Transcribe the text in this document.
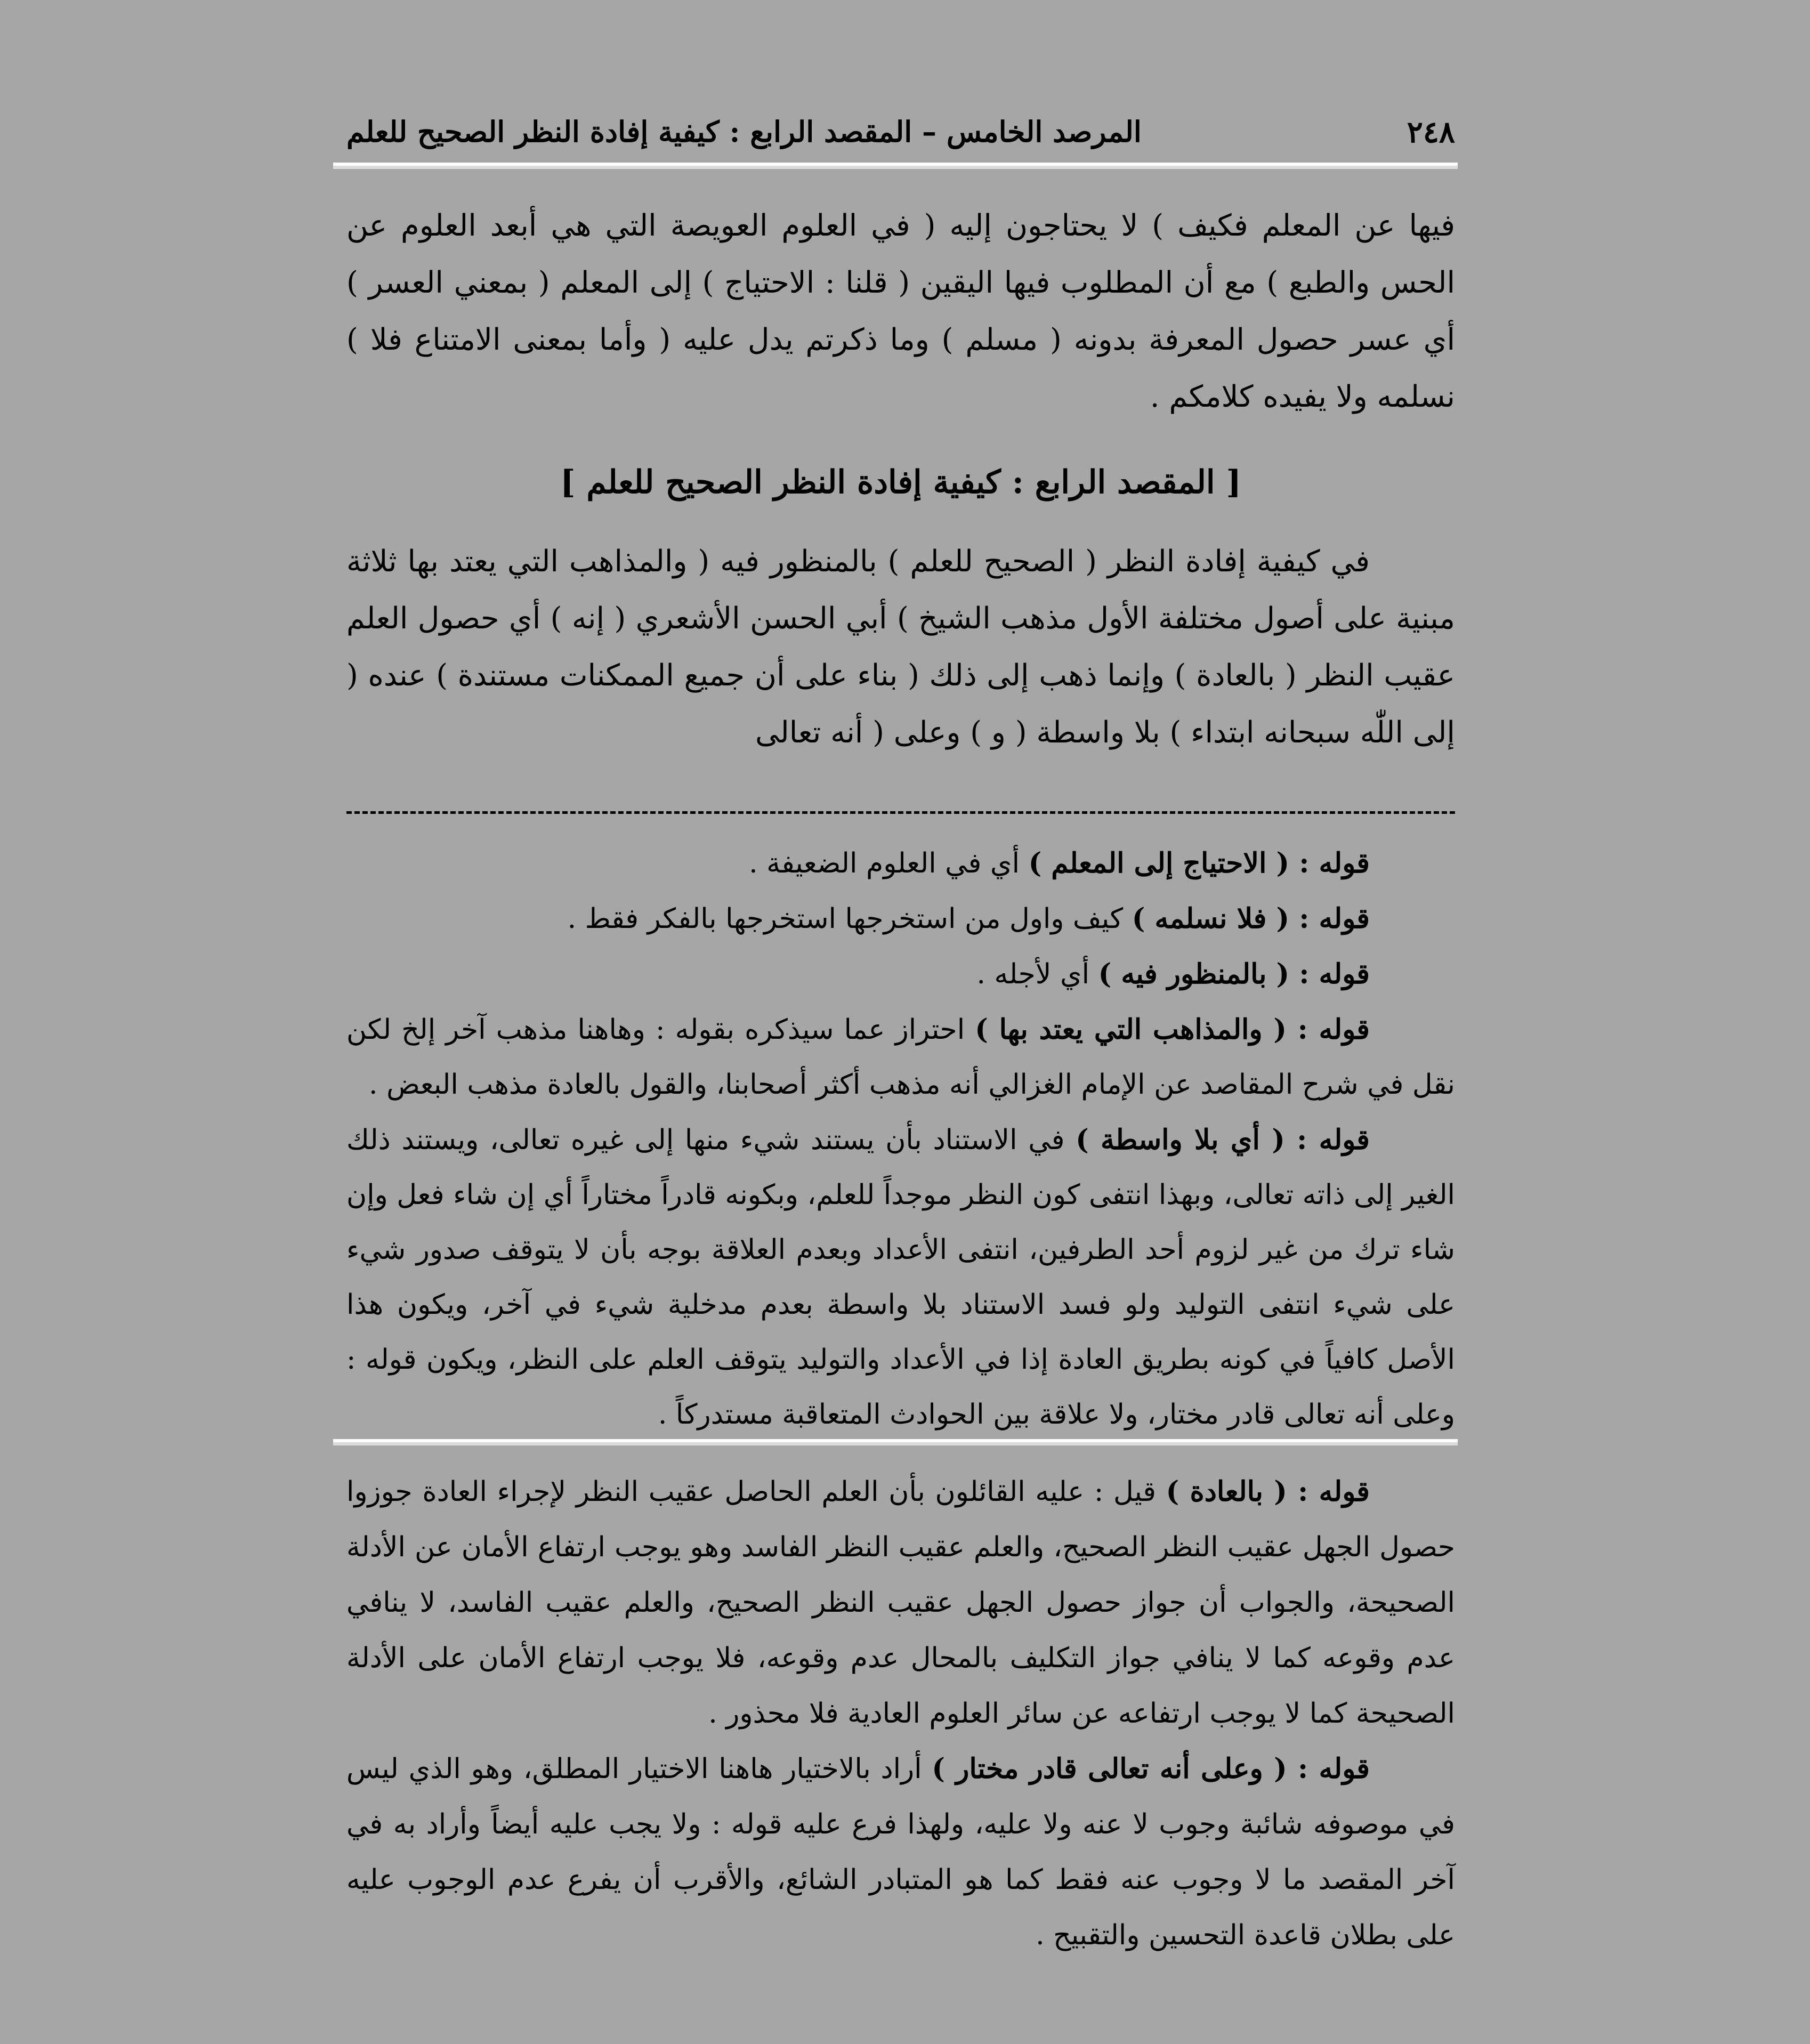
٢٤٨
المرصد الخامس – المقصد الرابع : كيفية إفادة النظر الصحيح للعلم

فيها عن المعلم فكيف ) لا يحتاجون إليه ( في العلوم العويصة التي هي أبعد العلوم عن الحس والطبع ) مع أن المطلوب فيها اليقين ( قلنا : الاحتياج ) إلى المعلم ( بمعني العسر ) أي عسر حصول المعرفة بدونه ( مسلم ) وما ذكرتم يدل عليه ( وأما بمعنى الامتناع فلا ) نسلمه ولا يفيده كلامكم .

[ المقصد الرابع : كيفية إفادة النظر الصحيح للعلم ]

في كيفية إفادة النظر ( الصحيح للعلم ) بالمنظور فيه ( والمذاهب التي يعتد بها ثلاثة مبنية على أصول مختلفة الأول مذهب الشيخ ) أبي الحسن الأشعري ( إنه ) أي حصول العلم عقيب النظر ( بالعادة ) وإنما ذهب إلى ذلك ( بناء على أن جميع الممكنات مستندة ) عنده ( إلى اللّٰه سبحانه ابتداء ) بلا واسطة ( و ) وعلى ( أنه تعالى

قوله : ( الاحتياج إلى المعلم ) أي في العلوم الضعيفة .

قوله : ( فلا نسلمه ) كيف واول من استخرجها استخرجها بالفكر فقط .

قوله : ( بالمنظور فيه ) أي لأجله .

قوله : ( والمذاهب التي يعتد بها ) احتراز عما سيذكره بقوله : وهاهنا مذهب آخر إلخ لكن نقل في شرح المقاصد عن الإمام الغزالي أنه مذهب أكثر أصحابنا، والقول بالعادة مذهب البعض .

قوله : ( أي بلا واسطة ) في الاستناد بأن يستند شيء منها إلى غيره تعالى، ويستند ذلك الغير إلى ذاته تعالى، وبهذا انتفى كون النظر موجداً للعلم، وبكونه قادراً مختاراً أي إن شاء فعل وإن شاء ترك من غير لزوم أحد الطرفين، انتفى الأعداد وبعدم العلاقة بوجه بأن لا يتوقف صدور شيء على شيء انتفى التوليد ولو فسد الاستناد بلا واسطة بعدم مدخلية شيء في آخر، ويكون هذا الأصل كافياً في كونه بطريق العادة إذا في الأعداد والتوليد يتوقف العلم على النظر، ويكون قوله : وعلى أنه تعالى قادر مختار، ولا علاقة بين الحوادث المتعاقبة مستدركاً .

قوله : ( بالعادة ) قيل : عليه القائلون بأن العلم الحاصل عقيب النظر لإجراء العادة جوزوا حصول الجهل عقيب النظر الصحيح، والعلم عقيب النظر الفاسد وهو يوجب ارتفاع الأمان عن الأدلة الصحيحة، والجواب أن جواز حصول الجهل عقيب النظر الصحيح، والعلم عقيب الفاسد، لا ينافي عدم وقوعه كما لا ينافي جواز التكليف بالمحال عدم وقوعه، فلا يوجب ارتفاع الأمان على الأدلة الصحيحة كما لا يوجب ارتفاعه عن سائر العلوم العادية فلا محذور .

قوله : ( وعلى أنه تعالى قادر مختار ) أراد بالاختيار هاهنا الاختيار المطلق، وهو الذي ليس في موصوفه شائبة وجوب لا عنه ولا عليه، ولهذا فرع عليه قوله : ولا يجب عليه أيضاً وأراد به في آخر المقصد ما لا وجوب عنه فقط كما هو المتبادر الشائع، والأقرب أن يفرع عدم الوجوب عليه على بطلان قاعدة التحسين والتقبيح .
